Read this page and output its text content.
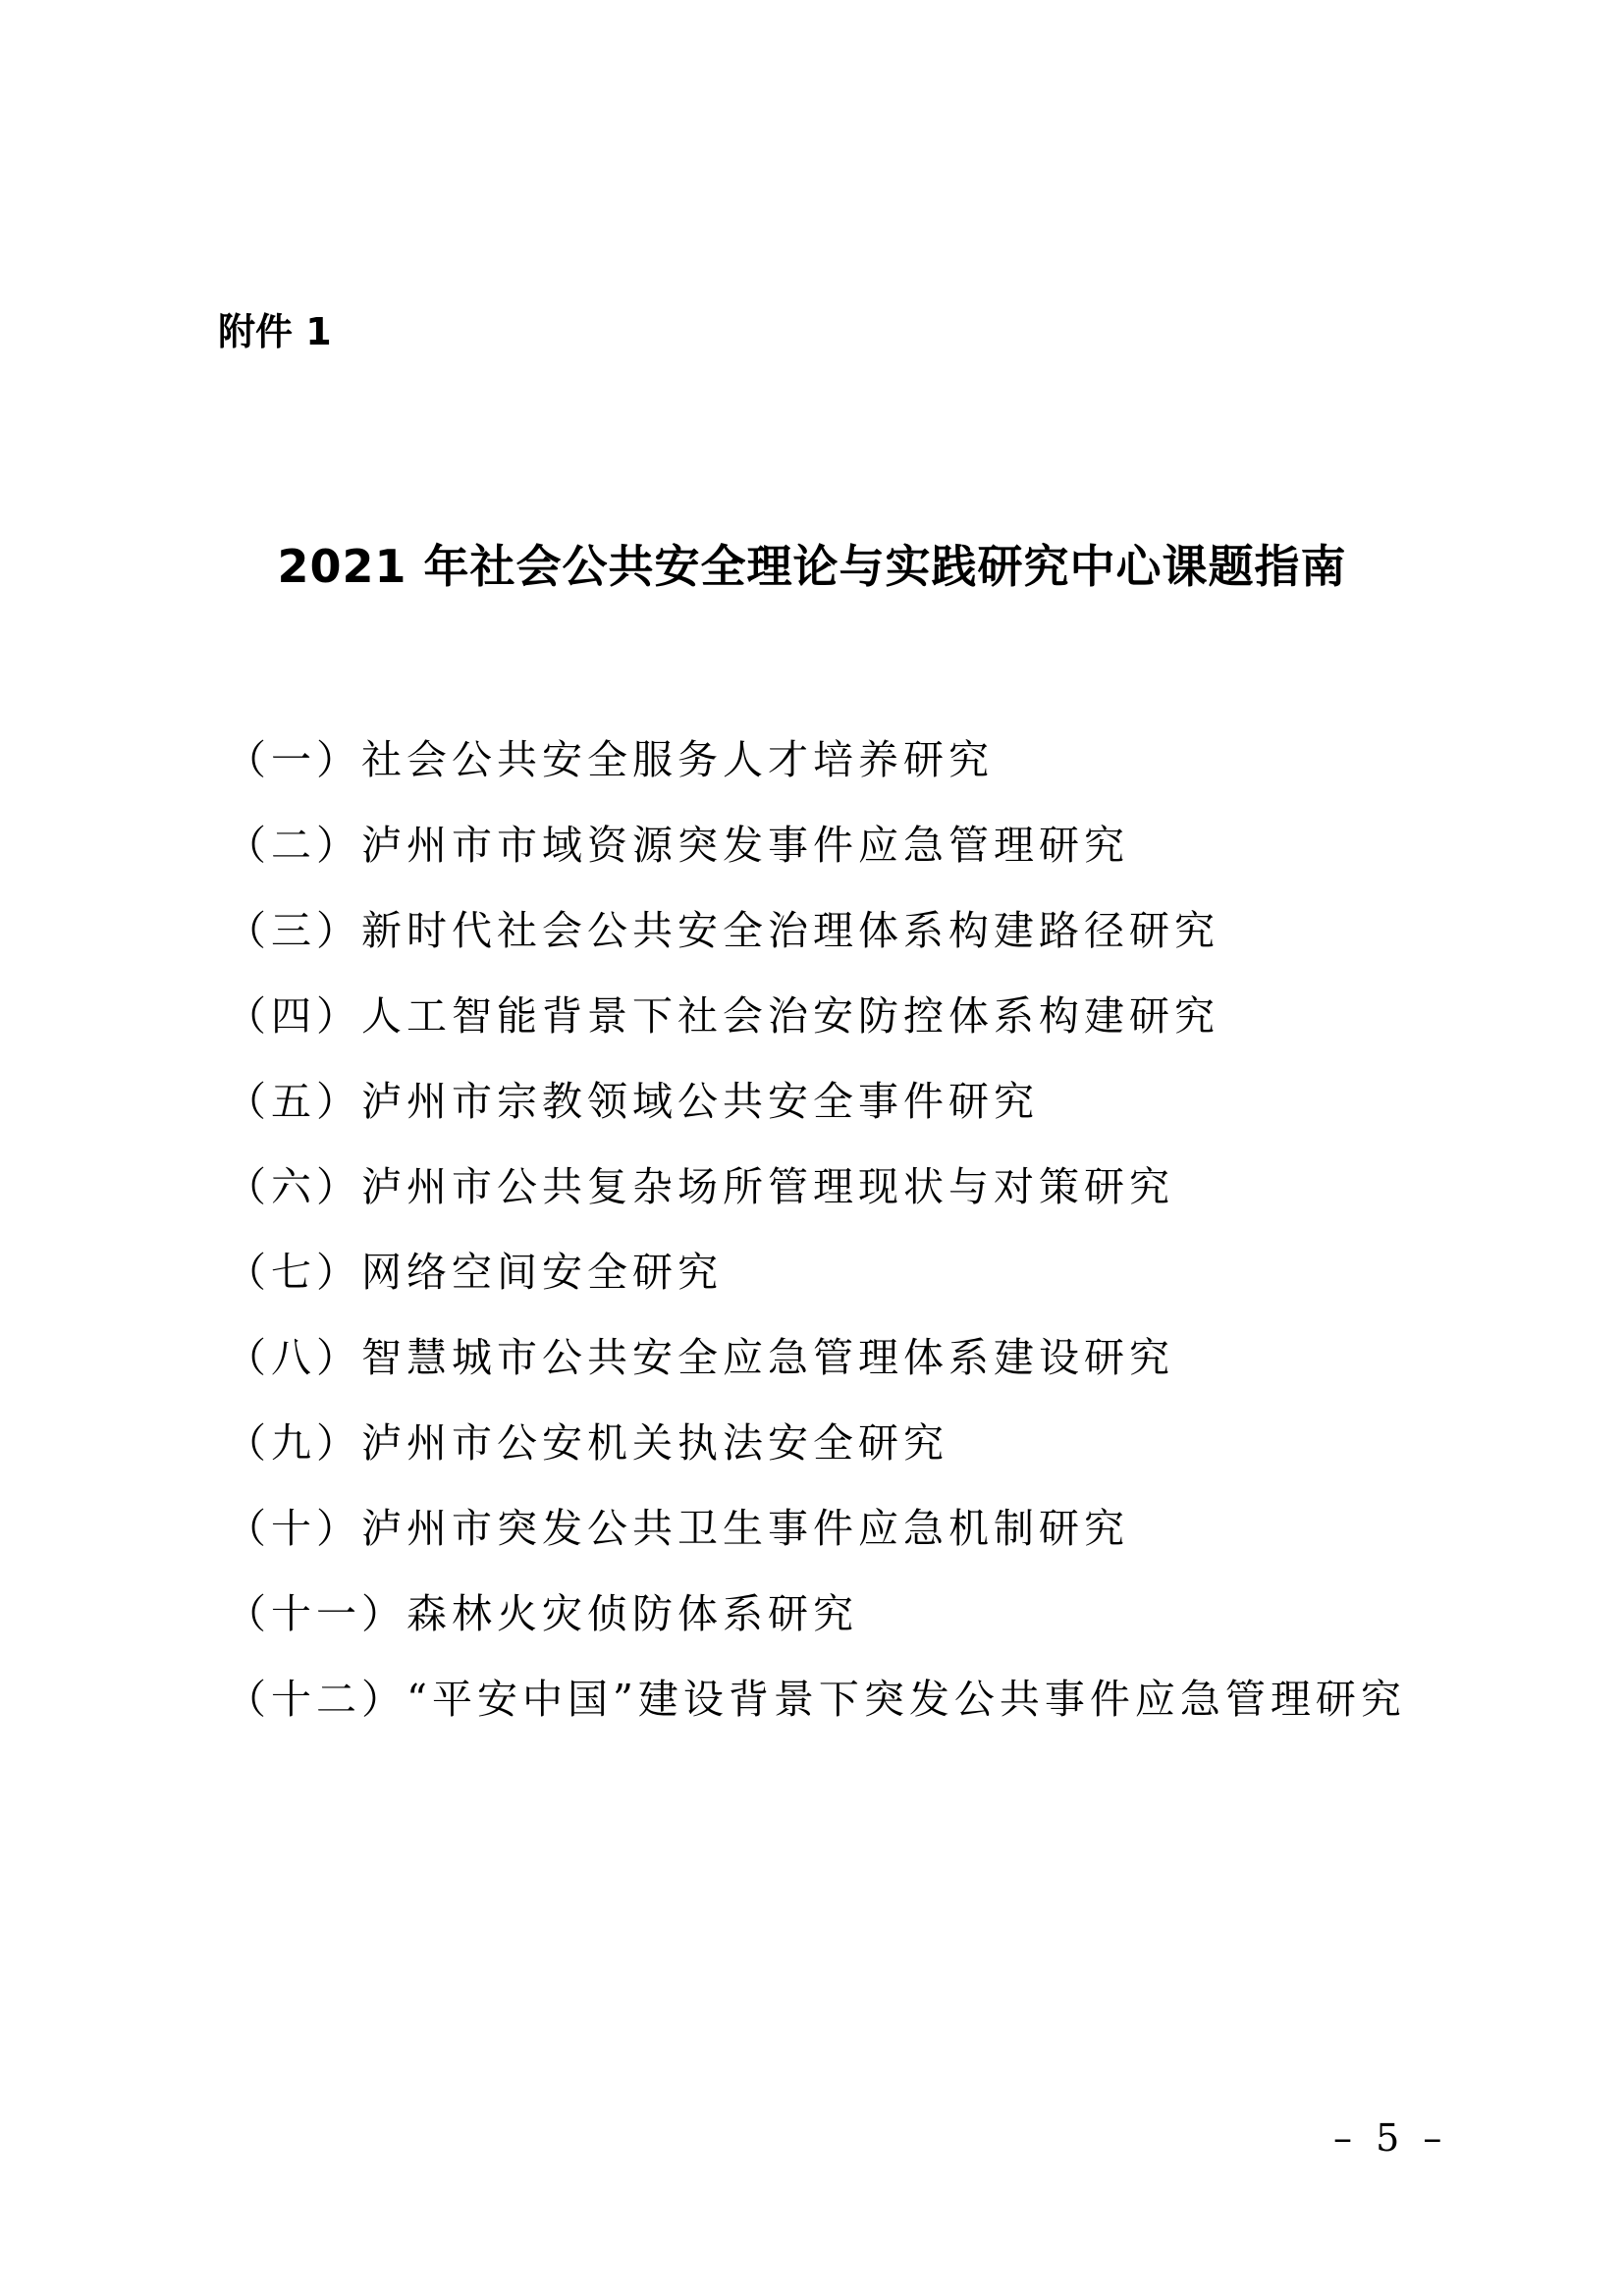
附件 1
2021 年社会公共安全理论与实践研究中心课题指南
（一）社会公共安全服务人才培养研究
（二）泸州市市域资源突发事件应急管理研究
（三）新时代社会公共安全治理体系构建路径研究
（四）人工智能背景下社会治安防控体系构建研究
（五）泸州市宗教领域公共安全事件研究
（六）泸州市公共复杂场所管理现状与对策研究
（七）网络空间安全研究
（八）智慧城市公共安全应急管理体系建设研究
（九）泸州市公安机关执法安全研究
（十）泸州市突发公共卫生事件应急机制研究
（十一）森林火灾侦防体系研究
（十二）“平安中国”建设背景下突发公共事件应急管理研究
– 5 –
